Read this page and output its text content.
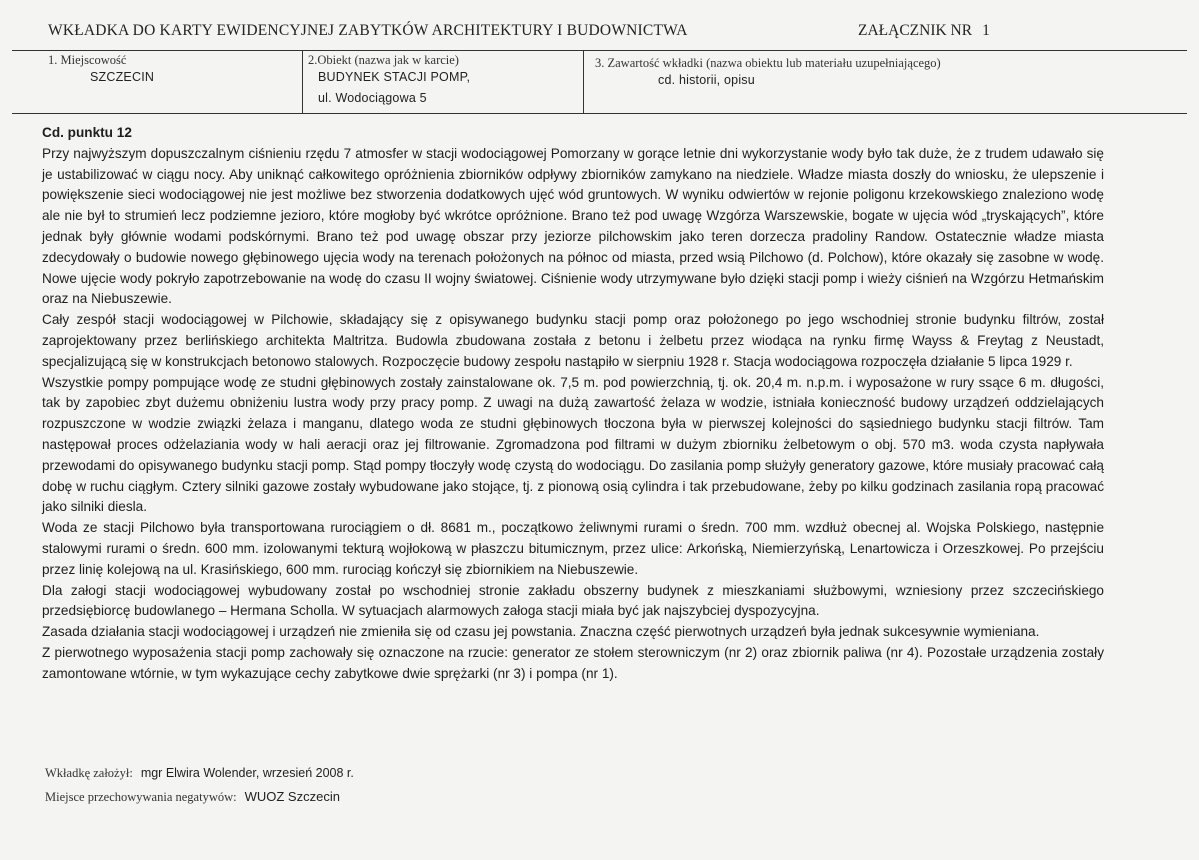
WKŁADKA DO KARTY EWIDENCYJNEJ ZABYTKÓW ARCHITEKTURY I BUDOWNICTWA	ZAŁĄCZNIK NR 1
1. Miejscowość
SZCZECIN
2.Obiekt (nazwa jak w karcie)
BUDYNEK STACJI POMP,
ul. Wodociągowa 5
3. Zawartość wkładki (nazwa obiektu lub materiału uzupełniającego)
cd. historii, opisu
Cd. punktu 12

Przy najwyższym dopuszczalnym ciśnieniu rzędu 7 atmosfer w stacji wodociągowej Pomorzany w gorące letnie dni wykorzystanie wody było tak duże, że z trudem udawało się je ustabilizować w ciągu nocy. Aby uniknąć całkowitego opróżnienia zbiorników odpływy zbiorników zamykano na niedziele. Władze miasta doszły do wniosku, że ulepszenie i powiększenie sieci wodociągowej nie jest możliwe bez stworzenia dodatkowych ujęć wód gruntowych. W wyniku odwiertów w rejonie poligonu krzekowskiego znaleziono wodę ale nie był to strumień lecz podziemne jezioro, które mogłoby być wkrótce opróżnione. Brano też pod uwagę Wzgórza Warszewskie, bogate w ujęcia wód „tryskających”, które jednak były głównie wodami podskórnymi. Brano też pod uwagę obszar przy jeziorze pilchowskim jako teren dorzecza pradoliny Randow. Ostatecznie władze miasta zdecydowały o budowie nowego głębinowego ujęcia wody na terenach położonych na północ od miasta, przed wsią Pilchowo (d. Polchow), które okazały się zasobne w wodę. Nowe ujęcie wody pokryło zapotrzebowanie na wodę do czasu II wojny światowej. Ciśnienie wody utrzymywane było dzięki stacji pomp i wieży ciśnień na Wzgórzu Hetmańskim oraz na Niebuszewie.

Cały zespół stacji wodociągowej w Pilchowie, składający się z opisywanego budynku stacji pomp oraz położonego po jego wschodniej stronie budynku filtrów, został zaprojektowany przez berlińskiego architekta Maltritza. Budowla zbudowana została z betonu i żelbetu przez wiodąca na rynku firmę Wayss & Freytag z Neustadt, specjalizującą się w konstrukcjach betonowo stalowych. Rozpoczęcie budowy zespołu nastąpiło w sierpniu 1928 r. Stacja wodociągowa rozpoczęła działanie 5 lipca 1929 r.

Wszystkie pompy pompujące wodę ze studni głębinowych zostały zainstalowane ok. 7,5 m. pod powierzchnią, tj. ok. 20,4 m. n.p.m. i wyposażone w rury ssące 6 m. długości, tak by zapobiec zbyt dużemu obniżeniu lustra wody przy pracy pomp. Z uwagi na dużą zawartość żelaza w wodzie, istniała konieczność budowy urządzeń oddzielających rozpuszczone w wodzie związki żelaza i manganu, dlatego woda ze studni głębinowych tłoczona była w pierwszej kolejności do sąsiedniego budynku stacji filtrów. Tam następował proces odżelaziania wody w hali aeracji oraz jej filtrowanie. Zgromadzona pod filtrami w dużym zbiorniku żelbetowym o obj. 570 m3. woda czysta napływała przewodami do opisywanego budynku stacji pomp. Stąd pompy tłoczyły wodę czystą do wodociągu. Do zasilania pomp służyły generatory gazowe, które musiały pracować całą dobę w ruchu ciągłym. Cztery silniki gazowe zostały wybudowane jako stojące, tj. z pionową osią cylindra i tak przebudowane, żeby po kilku godzinach zasilania ropą pracować jako silniki diesla.

Woda ze stacji Pilchowo była transportowana rurociągiem o dł. 8681 m., początkowo żeliwnymi rurami o średn. 700 mm. wzdłuż obecnej al. Wojska Polskiego, następnie stalowymi rurami o średn. 600 mm. izolowanymi tekturą wojłokową w płaszczu bitumicznym, przez ulice: Arkońską, Niemierzyńską, Lenartowicza i Orzeszkowej. Po przejściu przez linię kolejową na ul. Krasińskiego, 600 mm. rurociąg kończył się zbiornikiem na Niebuszewie.

Dla załogi stacji wodociągowej wybudowany został po wschodniej stronie zakładu obszerny budynek z mieszkaniami służbowymi, wzniesiony przez szczecińskiego przedsiębiorcę budowlanego – Hermana Scholla. W sytuacjach alarmowych załoga stacji miała być jak najszybciej dyspozycyjna.

Zasada działania stacji wodociągowej i urządzeń nie zmieniła się od czasu jej powstania. Znaczna część pierwotnych urządzeń była jednak sukcesywnie wymieniana.

Z pierwotnego wyposażenia stacji pomp zachowały się oznaczone na rzucie: generator ze stołem sterowniczym (nr 2) oraz zbiornik paliwa (nr 4). Pozostałe urządzenia zostały zamontowane wtórnie, w tym wykazujące cechy zabytkowe dwie sprężarki (nr 3) i pompa (nr 1).

Wkładkę założył: mgr Elwira Wolender, wrzesień 2008 r.
Miejsce przechowywania negatywów: WUOZ Szczecin
